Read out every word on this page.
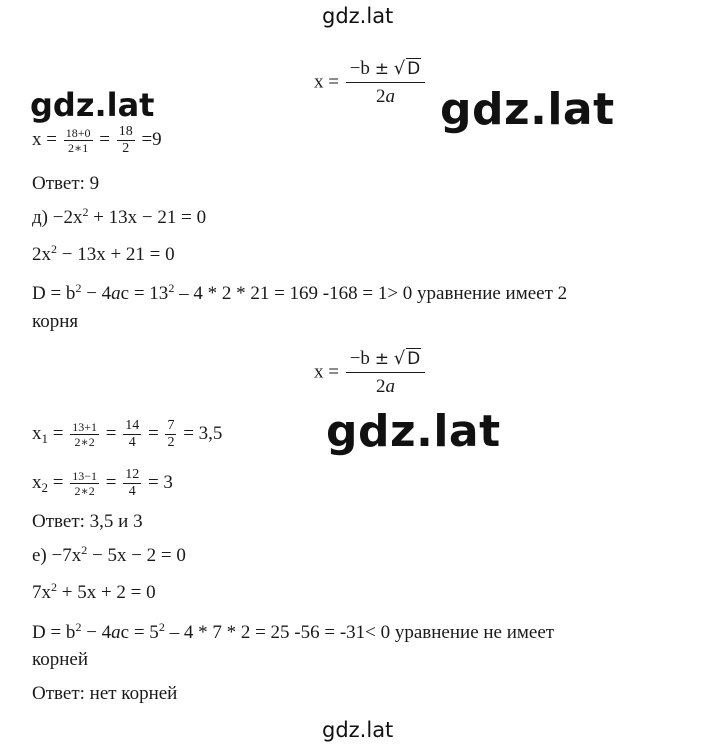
gdz.lat
gdz.lat	gdz.lat
gdz.lat
gdz.lat
$x = \frac{-b \pm √ D}{2a}$
$x = \frac{18+0}{2∗1} = \frac{18}{2} =9$
Ответ: 9
$д) -2x^2 + 13x - 21 = 0$
$2x^2 - 13x + 21 = 0$
$D = b^2 - 4ac = 13^2 - 4 * 2 * 21 = 169$ -168 = 1> 0 уравнение имеет 2
корня
$x = \frac{-b \pm √ D}{2a}$
$x_1 = \frac{13+1}{2∗2} = \frac{14}{4} = \frac{7}{2} = 3,5$
$x_2 = \frac{13-1}{2∗2} = \frac{12}{4} = 3$
Ответ: 3,5 и 3
$е) -7x^2 - 5x - 2 = 0$
$7x^2 + 5x + 2 = 0$
$D = b^2 - 4ac = 5^2 - 4 * 7 * 2 = 25$ -56 = -31< 0 уравнение не имеет
корней
Ответ: нет корней
